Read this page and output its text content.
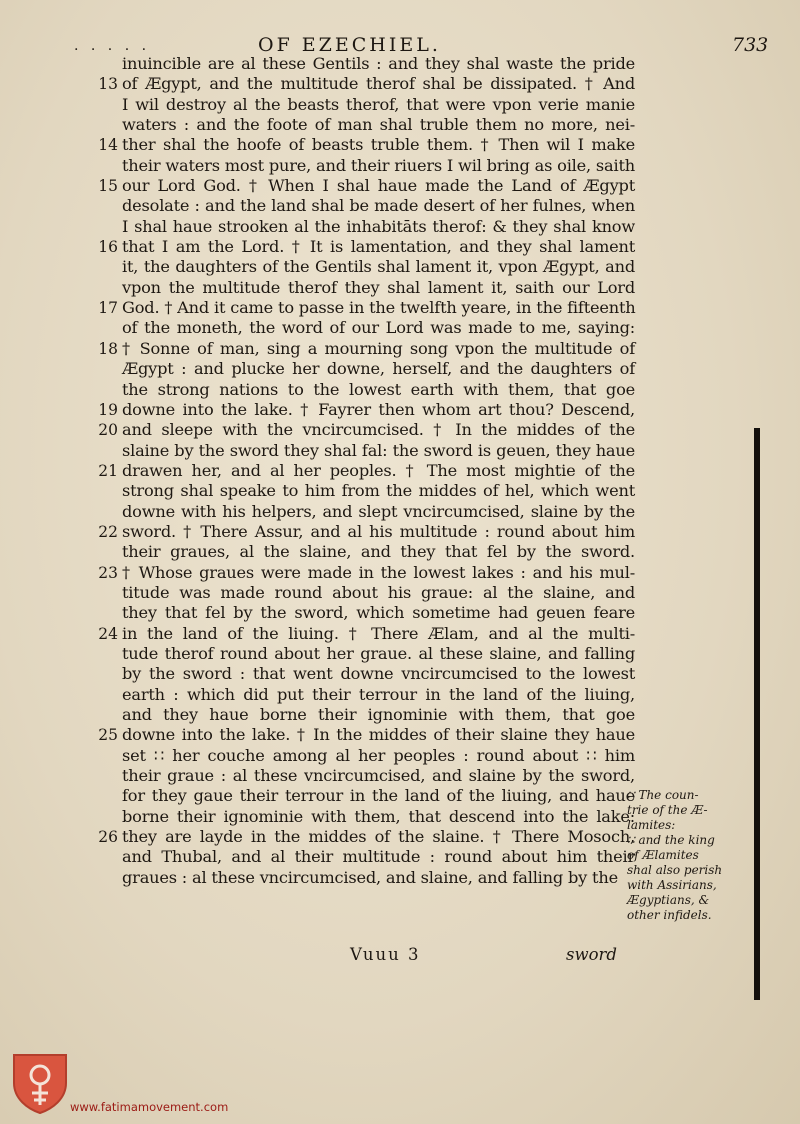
. . . . .	OF EZECHIEL.	733
inuincible are al these Gentils : and they shal waste the pride
13 of Ægypt, and the multitude therof shal be dissipated. † And
I wil destroy al the beasts therof, that were vpon verie manie
waters : and the foote of man shal truble them no more, nei-
14 ther shal the hoofe of beasts truble them. † Then wil I make
their waters most pure, and their riuers I wil bring as oile, saith
15 our Lord God. † When I shal haue made the Land of Ægypt
desolate : and the land shal be made desert of her fulnes, when
I shal haue strooken al the inhabitāts therof: & they shal know
16 that I am the Lord. † It is lamentation, and they shal lament
it, the daughters of the Gentils shal lament it, vpon Ægypt, and
vpon the multitude therof they shal lament it, saith our Lord
17 God. † And it came to passe in the twelfth yeare, in the fifteenth
of the moneth, the word of our Lord was made to me, saying:
18 † Sonne of man, sing a mourning song vpon the multitude of
Ægypt : and plucke her downe, herself, and the daughters of
the strong nations to the lowest earth with them, that goe
19 downe into the lake. † Fayrer then whom art thou? Descend,
20 and sleepe with the vncircumcised. † In the middes of the
slaine by the sword they shal fal: the sword is geuen, they haue
21 drawen her, and al her peoples. † The most mightie of the
strong shal speake to him from the middes of hel, which went
downe with his helpers, and slept vncircumcised, slaine by the
22 sword. † There Assur, and al his multitude : round about him
their graues, al the slaine, and they that fel by the sword.
23 † Whose graues were made in the lowest lakes : and his mul-
titude was made round about his graue: al the slaine, and
they that fel by the sword, which sometime had geuen feare
24 in the land of the liuing. † There Ælam, and al the multi-
tude therof round about her graue. al these slaine, and falling
by the sword : that went downe vncircumcised to the lowest
earth : which did put their terrour in the land of the liuing,
and they haue borne their ignominie with them, that goe
25 downe into the lake. † In the middes of their slaine they haue
set ∷ her couche among al her peoples : round about ∷ him
their graue : al these vncircumcised, and slaine by the sword,
for they gaue their terrour in the land of the liuing, and haue
borne their ignominie with them, that descend into the lake:
26 they are layde in the middes of the slaine. † There Mosoch,
and Thubal, and al their multitude : round about him their
graues : al these vncircumcised, and slaine, and falling by the
Vuuu 3	sword
∷ The coun-
trie of the Æ-
lamites:
∷ and the king
of Ælamites
shal also perish
with Assirians,
Ægyptians, &
other infidels.
www.fatimamovement.com
